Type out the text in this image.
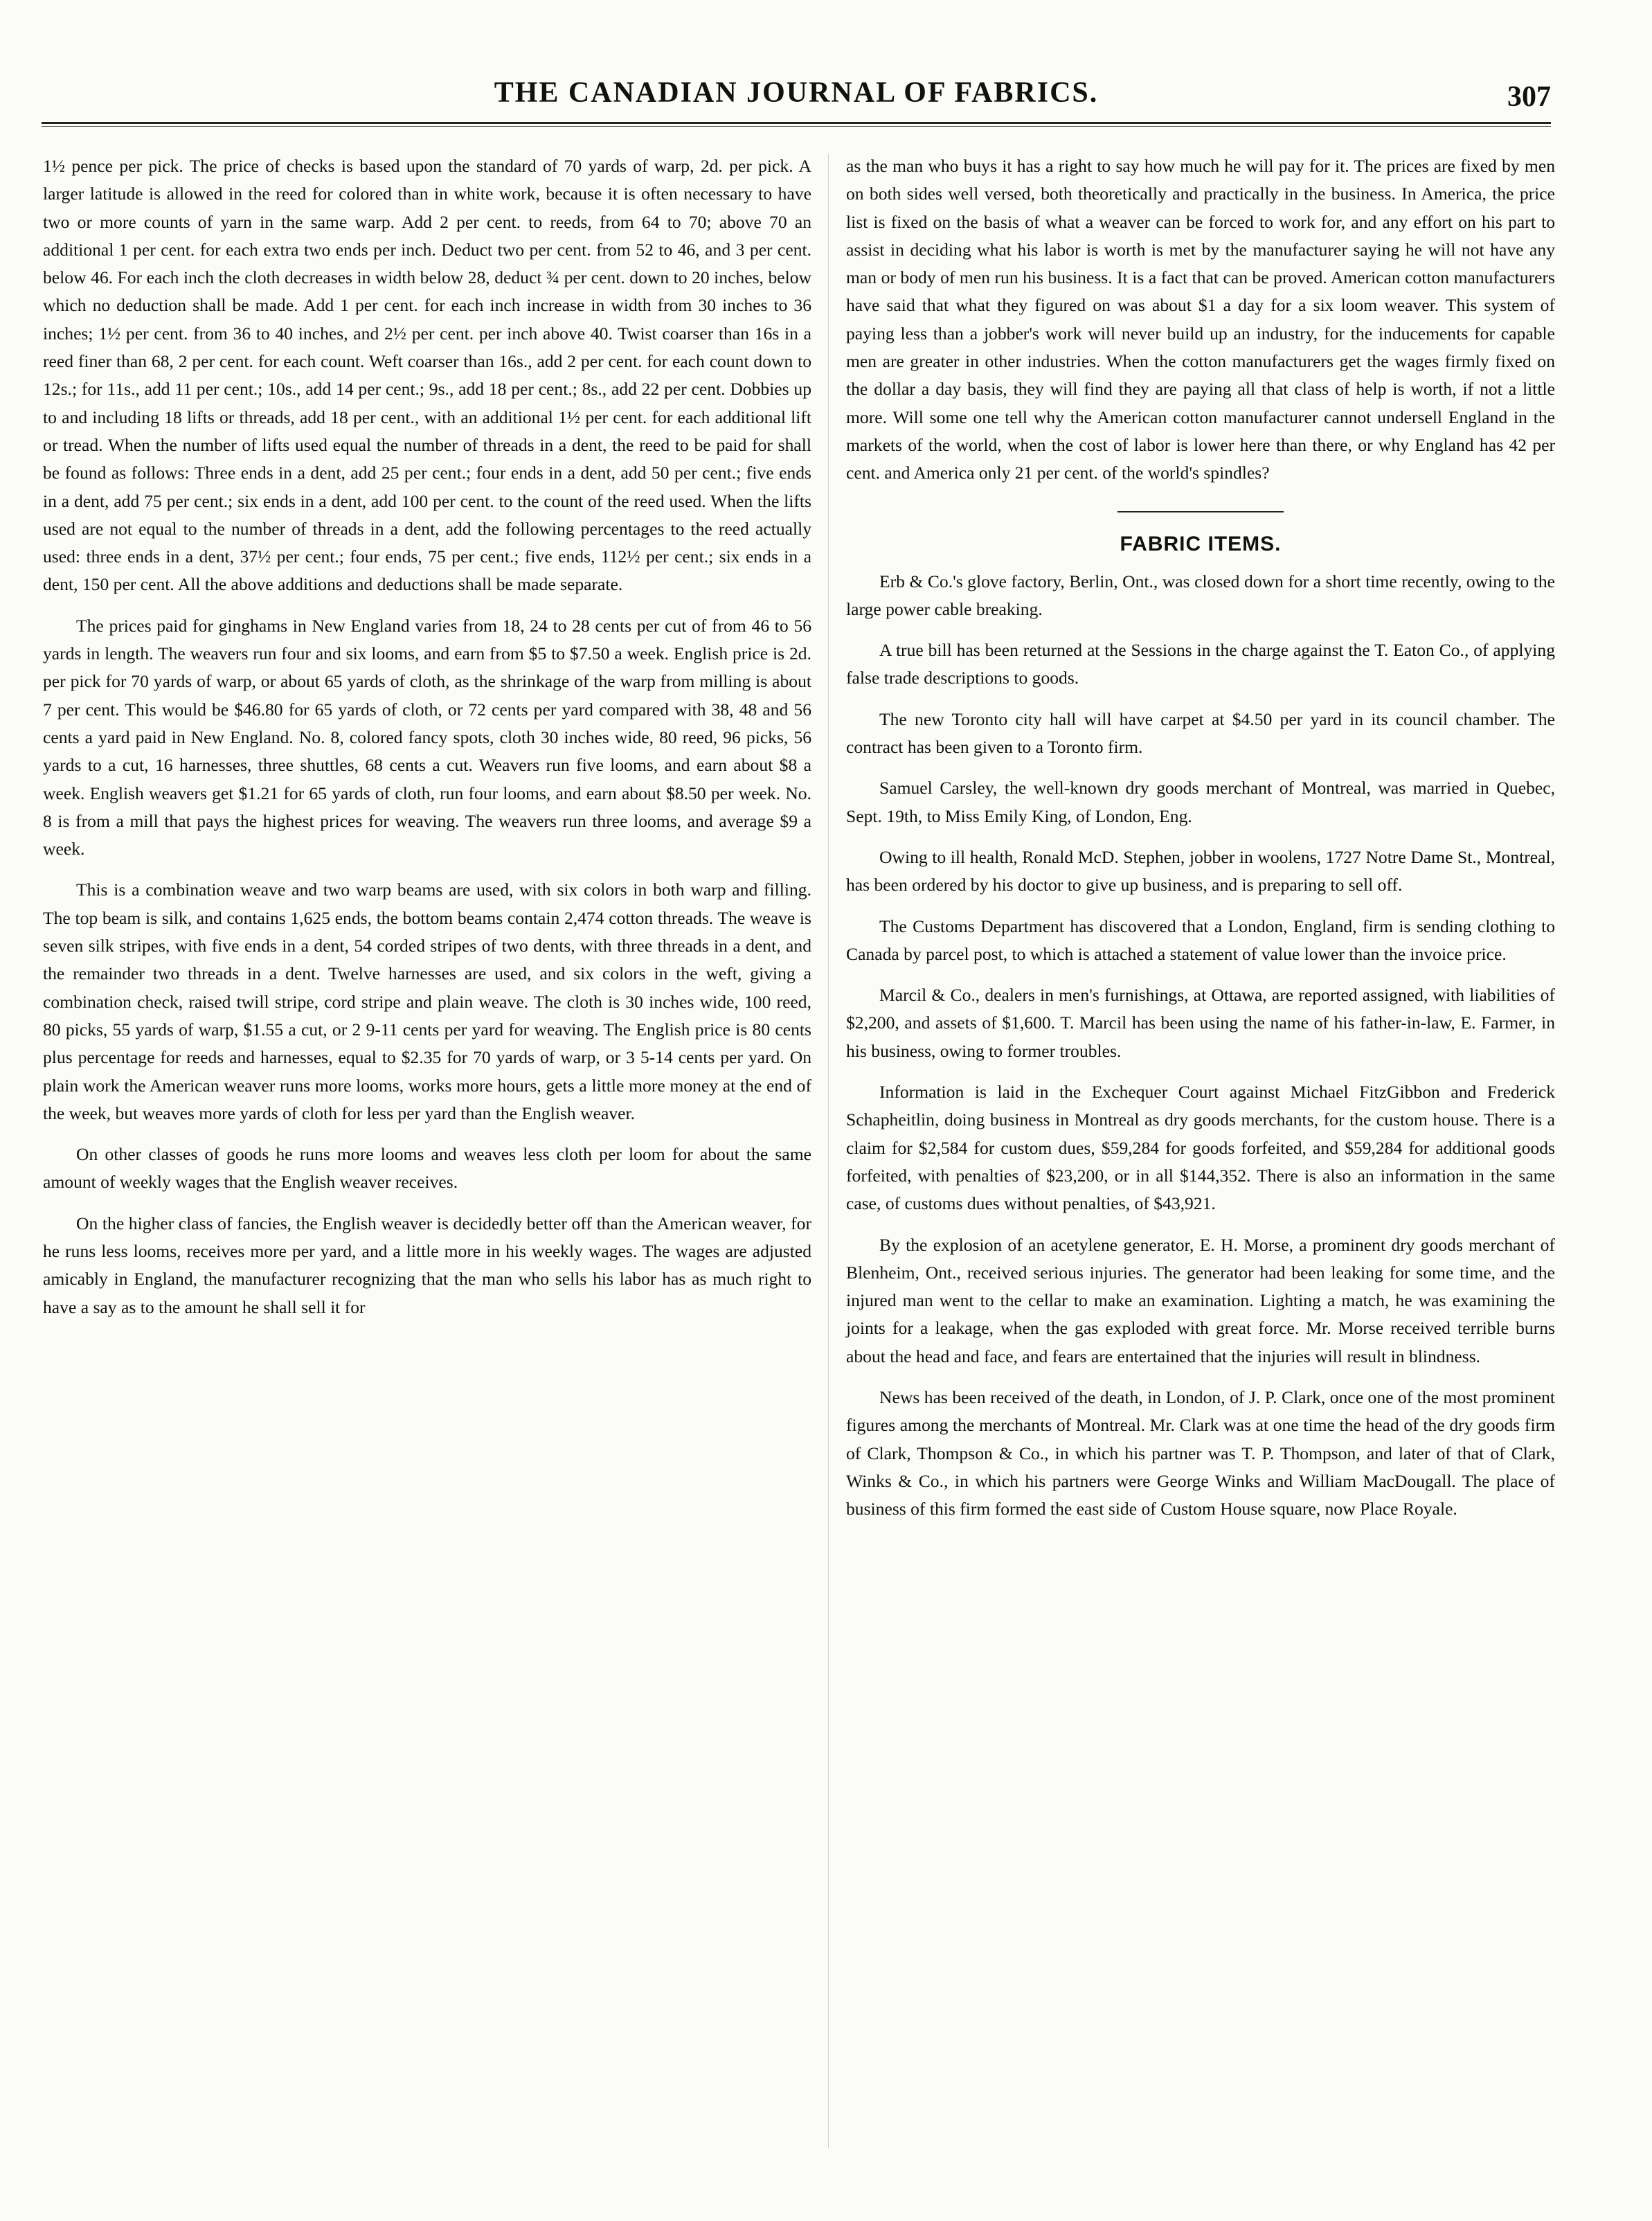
THE CANADIAN JOURNAL OF FABRICS.	307

1½ pence per pick. The price of checks is based upon the standard of 70 yards of warp, 2d. per pick. A larger latitude is allowed in the reed for colored than in white work, because it is often necessary to have two or more counts of yarn in the same warp. Add 2 per cent. to reeds, from 64 to 70; above 70 an additional 1 per cent. for each extra two ends per inch. Deduct two per cent. from 52 to 46, and 3 per cent. below 46. For each inch the cloth decreases in width below 28, deduct ¾ per cent. down to 20 inches, below which no deduction shall be made. Add 1 per cent. for each inch increase in width from 30 inches to 36 inches; 1½ per cent. from 36 to 40 inches, and 2½ per cent. per inch above 40. Twist coarser than 16s in a reed finer than 68, 2 per cent. for each count. Weft coarser than 16s., add 2 per cent. for each count down to 12s.; for 11s., add 11 per cent.; 10s., add 14 per cent.; 9s., add 18 per cent.; 8s., add 22 per cent. Dobbies up to and including 18 lifts or threads, add 18 per cent., with an additional 1½ per cent. for each additional lift or tread. When the number of lifts used equal the number of threads in a dent, the reed to be paid for shall be found as follows: Three ends in a dent, add 25 per cent.; four ends in a dent, add 50 per cent.; five ends in a dent, add 75 per cent.; six ends in a dent, add 100 per cent. to the count of the reed used. When the lifts used are not equal to the number of threads in a dent, add the following percentages to the reed actually used: three ends in a dent, 37½ per cent.; four ends, 75 per cent.; five ends, 112½ per cent.; six ends in a dent, 150 per cent. All the above additions and deductions shall be made separate.

The prices paid for ginghams in New England varies from 18, 24 to 28 cents per cut of from 46 to 56 yards in length. The weavers run four and six looms, and earn from $5 to $7.50 a week. English price is 2d. per pick for 70 yards of warp, or about 65 yards of cloth, as the shrinkage of the warp from milling is about 7 per cent. This would be $46.80 for 65 yards of cloth, or 72 cents per yard compared with 38, 48 and 56 cents a yard paid in New England. No. 8, colored fancy spots, cloth 30 inches wide, 80 reed, 96 picks, 56 yards to a cut, 16 harnesses, three shuttles, 68 cents a cut. Weavers run five looms, and earn about $8 a week. English weavers get $1.21 for 65 yards of cloth, run four looms, and earn about $8.50 per week. No. 8 is from a mill that pays the highest prices for weaving. The weavers run three looms, and average $9 a week.

This is a combination weave and two warp beams are used, with six colors in both warp and filling. The top beam is silk, and contains 1,625 ends, the bottom beams contain 2,474 cotton threads. The weave is seven silk stripes, with five ends in a dent, 54 corded stripes of two dents, with three threads in a dent, and the remainder two threads in a dent. Twelve harnesses are used, and six colors in the weft, giving a combination check, raised twill stripe, cord stripe and plain weave. The cloth is 30 inches wide, 100 reed, 80 picks, 55 yards of warp, $1.55 a cut, or 2 9-11 cents per yard for weaving. The English price is 80 cents plus percentage for reeds and harnesses, equal to $2.35 for 70 yards of warp, or 3 5-14 cents per yard. On plain work the American weaver runs more looms, works more hours, gets a little more money at the end of the week, but weaves more yards of cloth for less per yard than the English weaver.

On other classes of goods he runs more looms and weaves less cloth per loom for about the same amount of weekly wages that the English weaver receives.

On the higher class of fancies, the English weaver is decidedly better off than the American weaver, for he runs less looms, receives more per yard, and a little more in his weekly wages. The wages are adjusted amicably in England, the manufacturer recognizing that the man who sells his labor has as much right to have a say as to the amount he shall sell it for

as the man who buys it has a right to say how much he will pay for it. The prices are fixed by men on both sides well versed, both theoretically and practically in the business. In America, the price list is fixed on the basis of what a weaver can be forced to work for, and any effort on his part to assist in deciding what his labor is worth is met by the manufacturer saying he will not have any man or body of men run his business. It is a fact that can be proved. American cotton manufacturers have said that what they figured on was about $1 a day for a six loom weaver. This system of paying less than a jobber's work will never build up an industry, for the inducements for capable men are greater in other industries. When the cotton manufacturers get the wages firmly fixed on the dollar a day basis, they will find they are paying all that class of help is worth, if not a little more. Will some one tell why the American cotton manufacturer cannot undersell England in the markets of the world, when the cost of labor is lower here than there, or why England has 42 per cent. and America only 21 per cent. of the world's spindles?

FABRIC ITEMS.

Erb & Co.'s glove factory, Berlin, Ont., was closed down for a short time recently, owing to the large power cable breaking.

A true bill has been returned at the Sessions in the charge against the T. Eaton Co., of applying false trade descriptions to goods.

The new Toronto city hall will have carpet at $4.50 per yard in its council chamber. The contract has been given to a Toronto firm.

Samuel Carsley, the well-known dry goods merchant of Montreal, was married in Quebec, Sept. 19th, to Miss Emily King, of London, Eng.

Owing to ill health, Ronald McD. Stephen, jobber in woolens, 1727 Notre Dame St., Montreal, has been ordered by his doctor to give up business, and is preparing to sell off.

The Customs Department has discovered that a London, England, firm is sending clothing to Canada by parcel post, to which is attached a statement of value lower than the invoice price.

Marcil & Co., dealers in men's furnishings, at Ottawa, are reported assigned, with liabilities of $2,200, and assets of $1,600. T. Marcil has been using the name of his father-in-law, E. Farmer, in his business, owing to former troubles.

Information is laid in the Exchequer Court against Michael FitzGibbon and Frederick Schapheitlin, doing business in Montreal as dry goods merchants, for the custom house. There is a claim for $2,584 for custom dues, $59,284 for goods forfeited, and $59,284 for additional goods forfeited, with penalties of $23,200, or in all $144,352. There is also an information in the same case, of customs dues without penalties, of $43,921.

By the explosion of an acetylene generator, E. H. Morse, a prominent dry goods merchant of Blenheim, Ont., received serious injuries. The generator had been leaking for some time, and the injured man went to the cellar to make an examination. Lighting a match, he was examining the joints for a leakage, when the gas exploded with great force. Mr. Morse received terrible burns about the head and face, and fears are entertained that the injuries will result in blindness.

News has been received of the death, in London, of J. P. Clark, once one of the most prominent figures among the merchants of Montreal. Mr. Clark was at one time the head of the dry goods firm of Clark, Thompson & Co., in which his partner was T. P. Thompson, and later of that of Clark, Winks & Co., in which his partners were George Winks and William MacDougall. The place of business of this firm formed the east side of Custom House square, now Place Royale.
